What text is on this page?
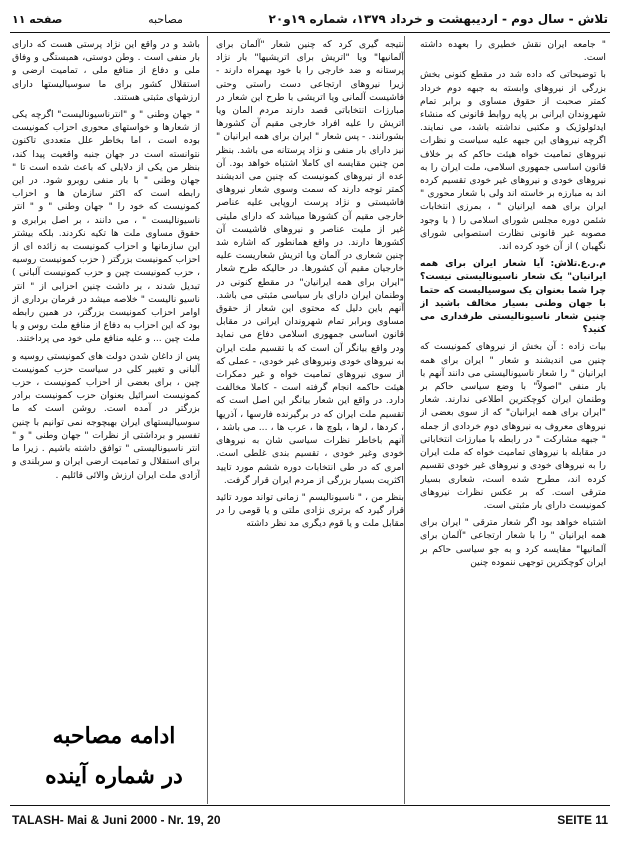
تلاش - سال دوم - اردیبهشت و خرداد ۱۳۷۹، شماره ۱۹و۲۰
مصاحبه
صفحه ۱۱

" جامعه ایران نقش خطیری را بعهده داشته است.

با توضیحاتی که داده شد در مقطع کنونی بخش بزرگی از نیروهای وابسته به جبهه دوم خرداد کمتر صحبت از حقوق مساوی و برابر تمام شهروندان ایرانی بر پایه روابط قانونی که منشاء ایدئولوژیک و مکتبی نداشته باشد، می نمایند. اگرچه نیروهای این جبهه علیه سیاست و نظرات نیروهای تمامیت خواه هیئت حاکم که بر خلاف قانون اساسی جمهوری اسلامی، ملت ایران را به نیروهای خودی و نیروهای غیر خودی تقسیم کرده اند به مبارزه بر خاسته اند ولی با شعار محوری " ایران برای همه ایرانیان " ، بمرزی انتخابات شئمن دوره مجلس شورای اسلامی را ( با وجود مصوبه غیر قانونی نظارت استصوابی شورای نگهبان ) از آن خود کرده اند.

م.ر.ع.تلاش: آیا شعار ایران برای همه ایرانیان" یک شعار ناسیونالیستی نیست؟ چرا شما بعنوان یک سوسیالیست که حتما با جهان وطنی بسیار مخالف باشید از چنین شعار ناسیونالیستی طرفداری می کنید؟

بیات زاده : آن بخش از نیروهای کمونیست که چنین می اندیشند و شعار " ایران برای همه ایرانیان " را شعار ناسیونالیستی می دانند آنهم با بار منفی "اصولاً" با وضع سیاسی حاکم بر وطنمان ایران کوچکترین اطلاعی ندارند. شعار "ایران برای همه ایرانیان" که از سوی بعضی از نیروهای معروف به نیروهای دوم خردادی از جمله " جبهه مشارکت " در رابطه با مبارزات انتخاباتی در مقابله با نیروهای تمامیت خواه که ملت ایران را به نیروهای خودی و نیروهای غیر خودی تقسیم کرده اند، مطرح شده است، شعاری بسیار مترقی است. که بر عکس نظرات نیروهای کمونیست دارای بار مثبتی است.

اشتباه خواهد بود اگر شعار مترقی " ایران برای همه ایرانیان " را با شعار ارتجاعی "آلمان برای آلمانیها" مقایسه کرد و به جو سیاسی حاکم بر ایران کوچکترین توجهی ننموده چنین

نتیجه گیری کرد که چنین شعار "آلمان برای آلمانیها" ویا "اتریش برای اتریشیها" بار نژاد پرستانه و ضد خارجی را با خود بهمراه دارند - زیرا نیروهای ارتجاعی دست راستی وحتی فاشیست آلمانی ویا اتریشی با طرح این شعار در مبارزات انتخاباتی قصد دارند مردم المان ویا اتریش را علیه افراد خارجی مقیم آن کشورها بشورانند. - پس شعار " ایران برای همه ایرانیان " نیز دارای بار منفی و نژاد پرستانه می باشد. بنظر من چنین مقایسه ای کاملا اشتباه خواهد بود. آن عده از نیروهای کمونیست که چنین می اندیشند کمتر توجه دارند که سمت وسوی شعار نیروهای فاشیستی و نژاد پرست اروپایی علیه عناصر خارجی مقیم آن کشورها میباشد که دارای ملیتی غیر از ملیت عناصر و نیروهای فاشیست آن کشورها دارند. در واقع همانطور که اشاره شد چنین شعاری در آلمان ویا اتریش شعاریست علیه خارجیان مقیم آن کشورها. در حالیکه طرح شعار "ایران برای همه ایرانیان" در مقطع کنونی در وطنمان ایران دارای بار سیاسی مثبتی می باشد. آنهم باین دلیل که محتوی این شعار از حقوق مساوی وبرابر تمام شهروندان ایرانی در مقابل قانون اساسی جمهوری اسلامی دفاع می نماید ودر واقع بیانگر آن است که با تقسیم ملت ایران به نیروهای خودی ونیروهای غیر خودی، - عملی که از سوی نیروهای تمامیت خواه و غیر دمکرات هیئت حاکمه انجام گرفته است - کاملا مخالفت دارد. در واقع این شعار بیانگر این اصل است که تقسیم ملت ایران که در برگیرنده فارسها ، آذریها ، کردها ، لرها ، بلوچ ها ، عرب ها ، ... می باشد ، آنهم باخاطر نظرات سیاسی شان به نیروهای خودی وغیر خودی ، تقسیم بندی غلطی است. امری که در طی انتخابات دوره ششم مورد تایید اکثریت بسیار بزرگی از مردم ایران قرار گرفت.

بنظر من ، " ناسیونالیسم " زمانی تواند مورد تائید قرار گیرد که برتری نژادی ملتی و یا قومی را در مقابل ملت و یا قوم دیگری مد نظر داشته

باشد و در واقع این نژاد پرستی هست که دارای بار منفی است . وطن دوستی، همبستگی و وفاق ملی و دفاع از منافع ملی ، تمامیت ارضی و استقلال کشور برای ما سوسیالیستها دارای ارزشهای مثبتی هستند.

" جهان وطنی " و "انترناسیونالیست" اگرچه یکی از شعارها و خواستهای محوری احزاب کمونیست بوده است ، اما بخاطر علل متعددی تاکنون نتوانسته است در جهان جنبه واقعیت پیدا کند، بنظر من یکی از دلایلی که باعث شده است تا " جهان وطنی " با بار منفی روبرو شود. در این رابطه است که اکثر سازمان ها و احزاب کمونیست که خود را " جهان وطنی " و " انتر ناسیونالیست " ، می دانند ، بر اصل برابری و حقوق مساوی ملت ها تکیه نکردند. بلکه بیشتر این سازمانها و احزاب کمونیست به زائده ای از احزاب کمونیست بزرگتر ( حزب کمونیست روسیه ، حزب کمونیست چین و حزب کمونیست آلبانی ) تبدیل شدند ، بر داشت چنین احزابی از " انتر ناسیو نالیست " خلاصه میشد در فرمان برداری از اوامر احزاب کمونیست بزرگتر، در همین رابطه بود که این احزاب به دفاع از منافع ملت روس و یا ملت چین ... و علیه منافع ملی خود می پرداختند.

پس از داغان شدن دولت های کمونیستی روسیه و آلبانی و تغییر کلی در سیاست حزب کمونیست چین ، برای بعضی از احزاب کمونیست ، حزب کمونیست اسرائیل بعنوان حزب کمونیست برادر بزرگتر در آمده است. روشن است که ما سوسیالیستهای ایران بهیچوجه نمی توانیم با چنین تفسیر و برداشتی از نظرات " جهان وطنی " و " انتر ناسیونالیستی " توافق داشته باشیم . زیرا ما برای استقلال و تمامیت ارضی ایران و سربلندی و آزادی ملت ایران ارزش والائی قائلیم .

ادامه مصاحبه
در شماره آینده
TALASH- Mai & Juni 2000 - Nr. 19, 20	SEITE 11
